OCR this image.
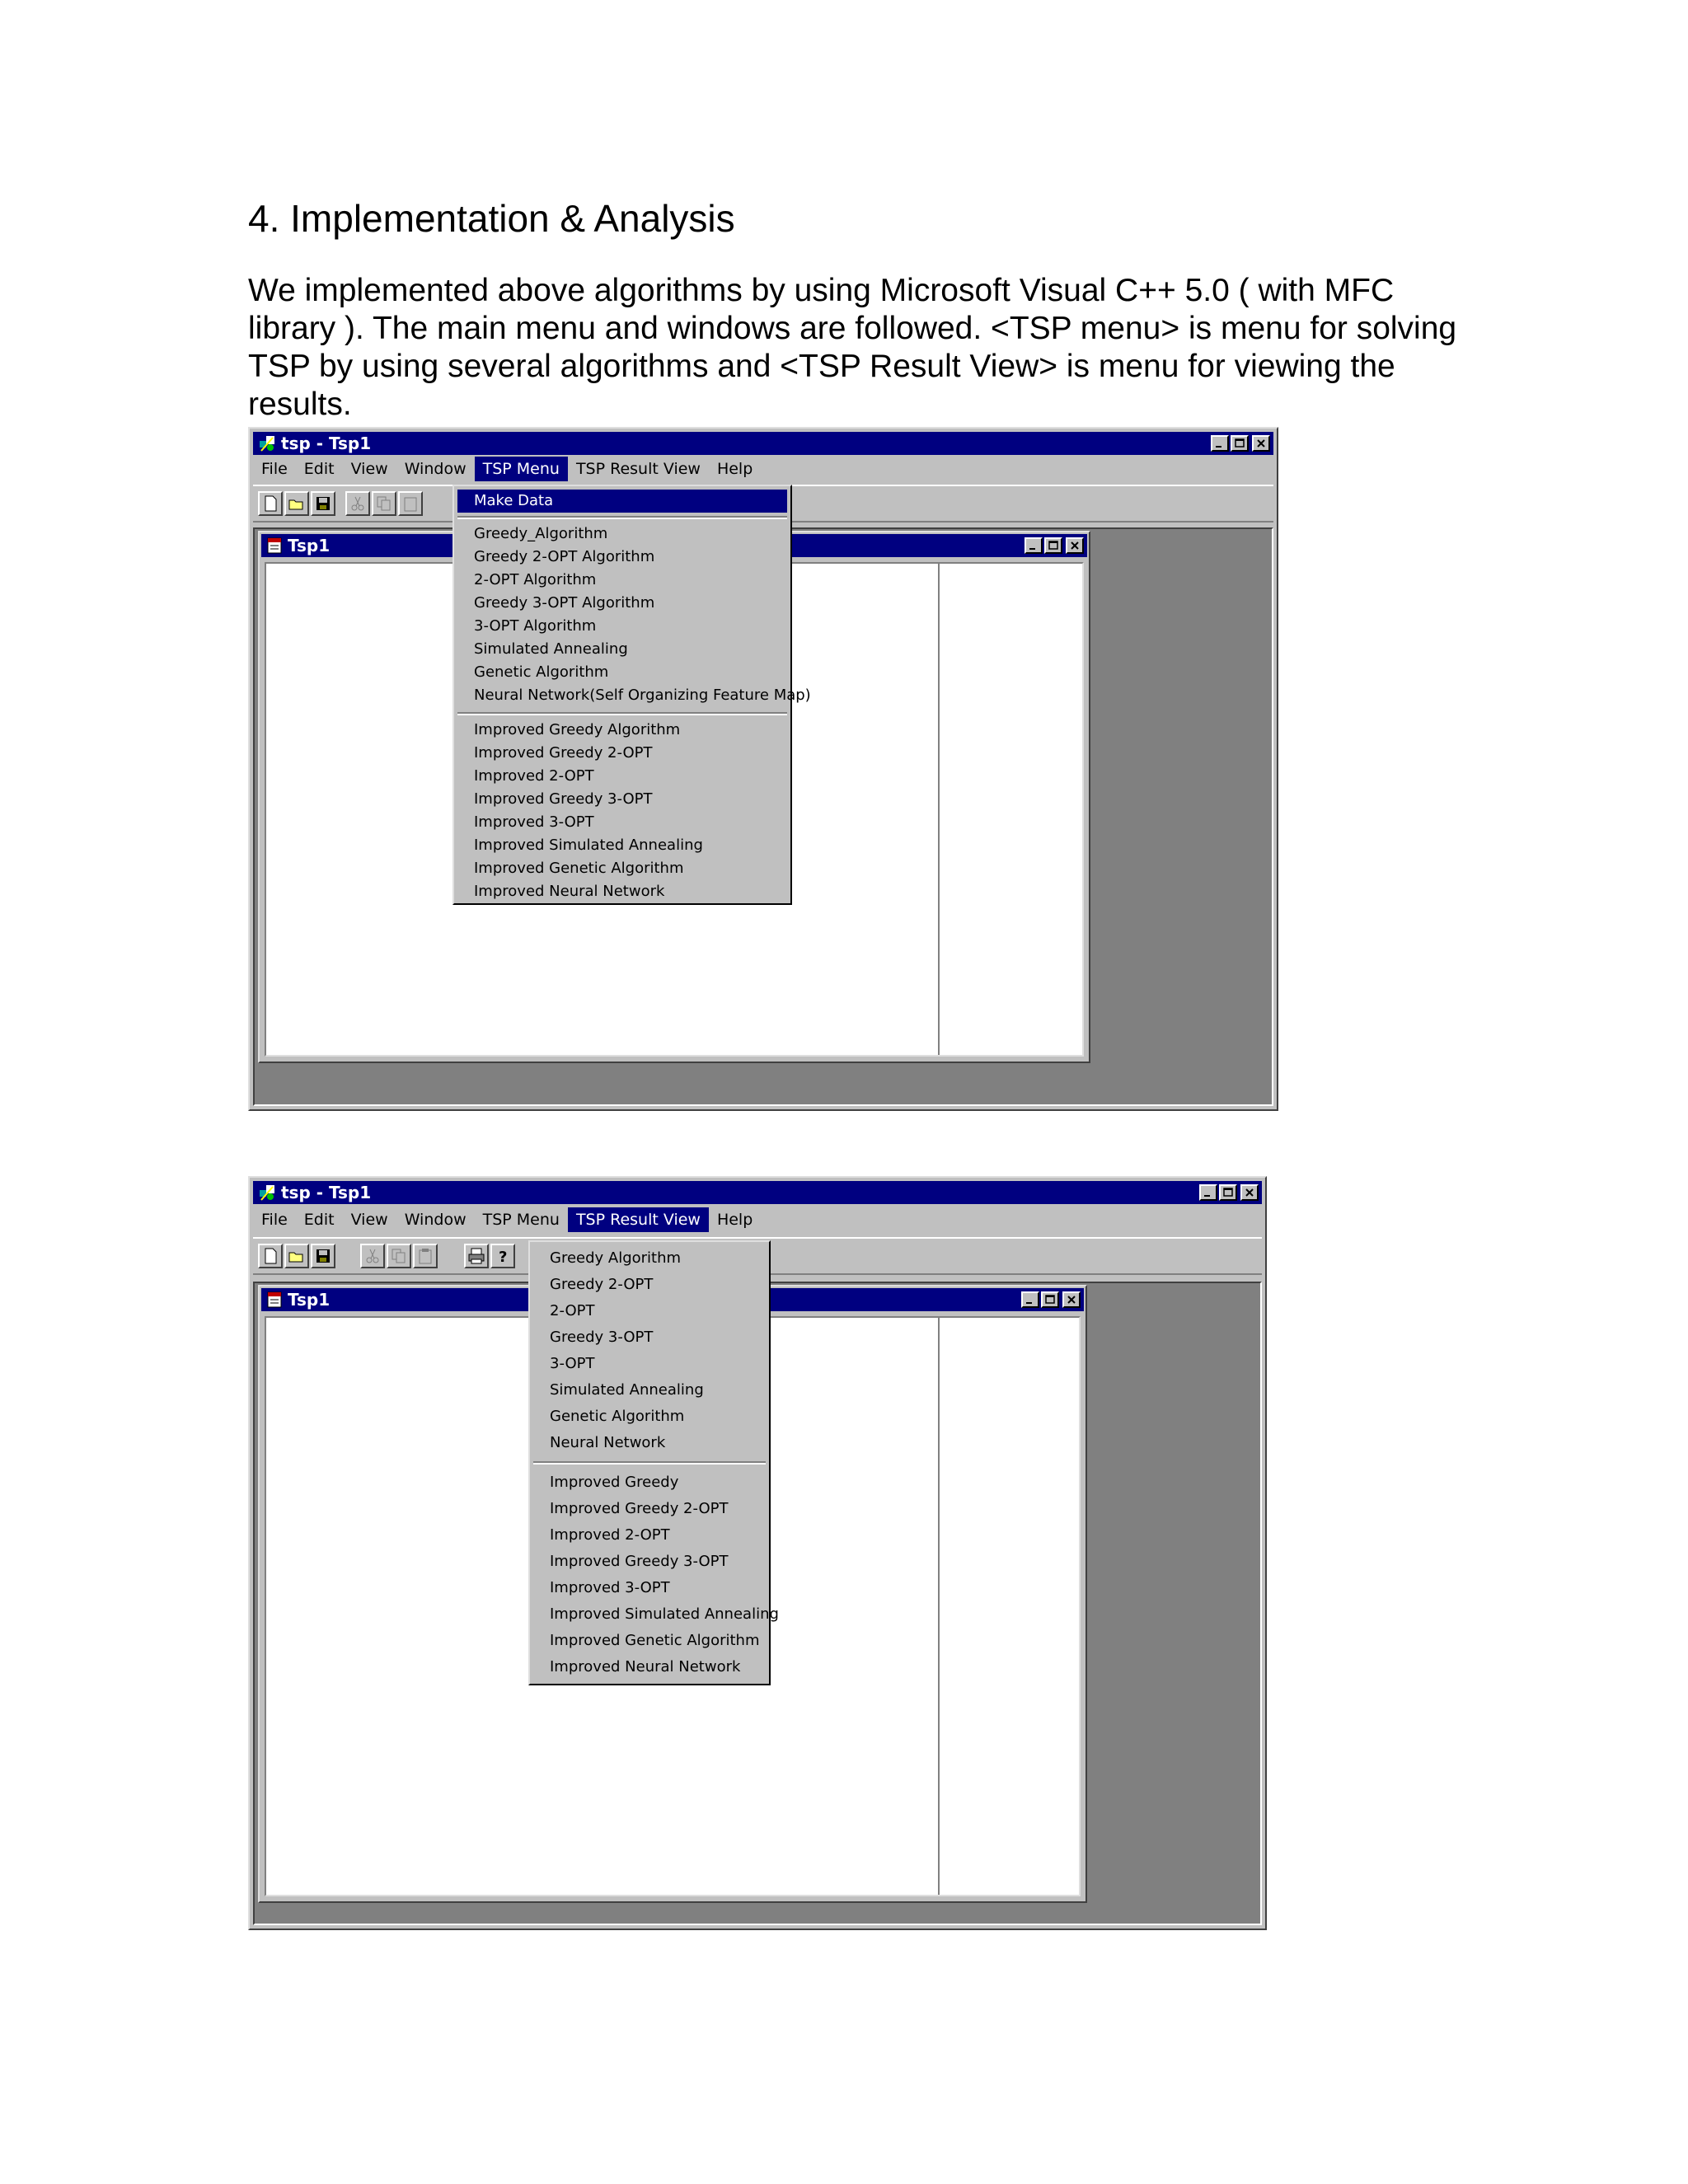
4. Implementation & Analysis

We implemented above algorithms by using Microsoft Visual C++ 5.0 ( with MFC library ). The main menu and windows are followed. <TSP menu> is menu for solving TSP by using several algorithms and <TSP Result View> is menu for viewing the results.

tsp - Tsp1
File	Edit	View	Window	TSP Menu	TSP Result View	Help
Tsp1
Make Data
Greedy_Algorithm
Greedy 2-OPT Algorithm
2-OPT Algorithm
Greedy 3-OPT Algorithm
3-OPT Algorithm
Simulated Annealing
Genetic Algorithm
Neural Network(Self Organizing Feature Map)
Improved Greedy Algorithm
Improved Greedy 2-OPT
Improved 2-OPT
Improved Greedy 3-OPT
Improved 3-OPT
Improved Simulated Annealing
Improved Genetic Algorithm
Improved Neural Network
tsp - Tsp1
File	Edit	View	Window	TSP Menu	TSP Result View	Help
?
Tsp1
Greedy Algorithm
Greedy 2-OPT
2-OPT
Greedy 3-OPT
3-OPT
Simulated Annealing
Genetic Algorithm
Neural Network
Improved Greedy
Improved Greedy 2-OPT
Improved 2-OPT
Improved Greedy 3-OPT
Improved 3-OPT
Improved Simulated Annealing
Improved Genetic Algorithm
Improved Neural Network
